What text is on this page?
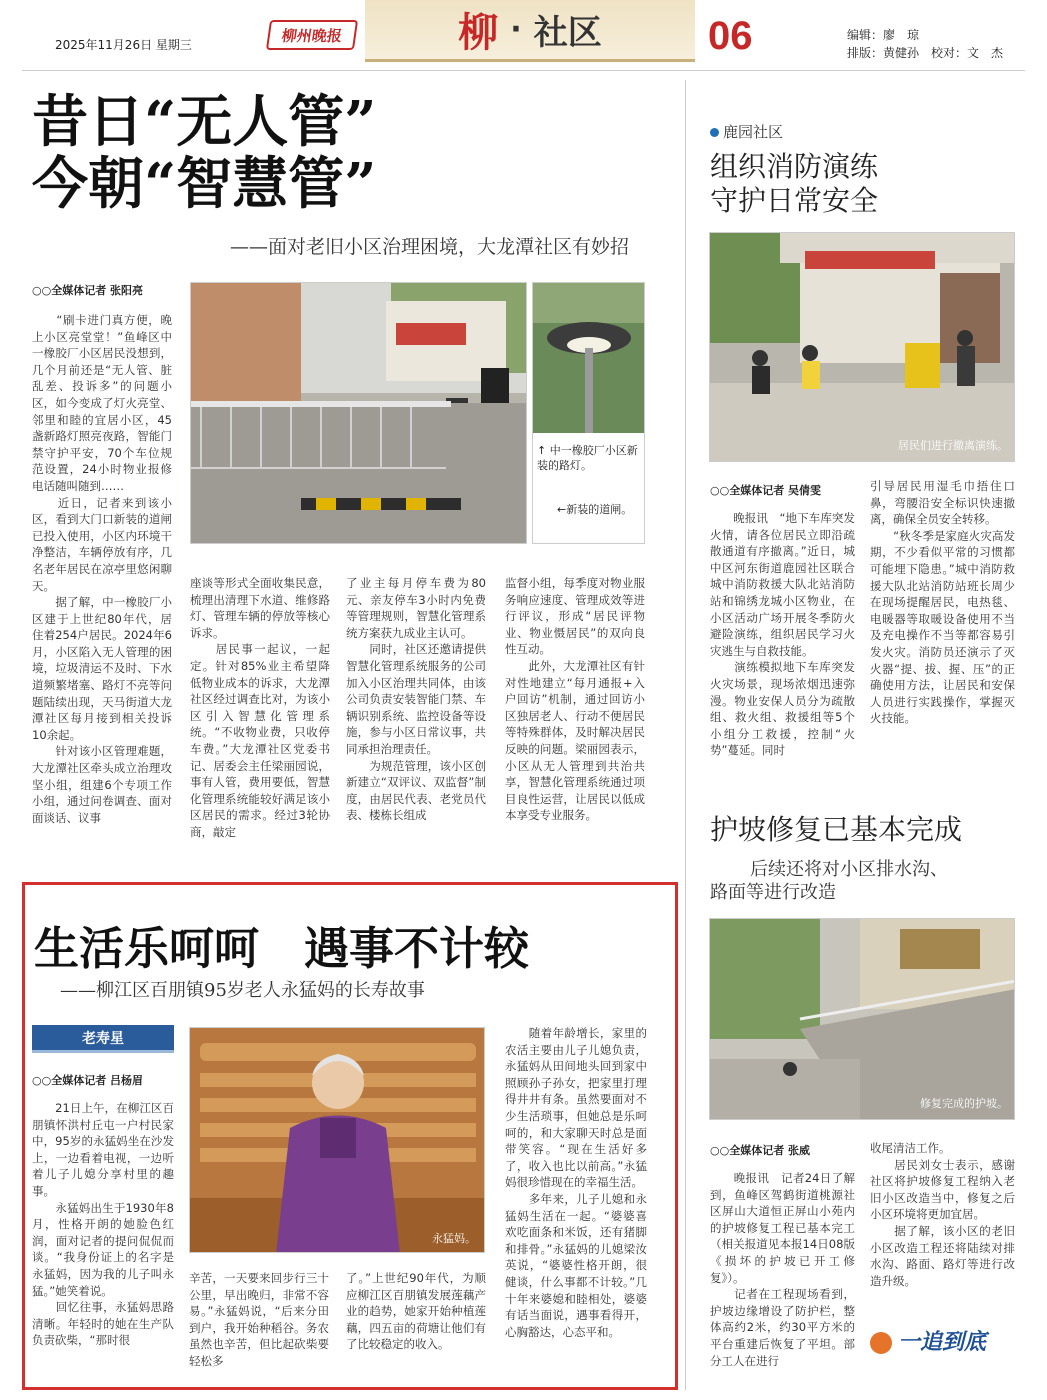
2025年11月26日 星期三
柳州晚报	柳 · 社区	06	编辑：廖　琼
排版：黄健孙　校对：文　杰
昔日“无人管”
今朝“智慧管”
——面对老旧小区治理困境，大龙潭社区有妙招
○○全媒体记者 张阳亮
　　“刷卡进门真方便，晚上小区亮堂堂！”鱼峰区中一橡胶厂小区居民没想到，几个月前还是“无人管、脏乱差、投诉多”的问题小区，如今变成了灯火亮堂、邻里和睦的宜居小区，45盏新路灯照亮夜路，智能门禁守护平安，70个车位规范设置，24小时物业报修电话随叫随到……
　　近日，记者来到该小区，看到大门口新装的道闸已投入使用，小区内环境干净整洁，车辆停放有序，几名老年居民在凉亭里悠闲聊天。
　　据了解，中一橡胶厂小区建于上世纪80年代，居住着254户居民。2024年6月，小区陷入无人管理的困境，垃圾清运不及时、下水道频繁堵塞、路灯不亮等问题陆续出现，天马街道大龙潭社区每月接到相关投诉10余起。
　　针对该小区管理难题，大龙潭社区牵头成立治理攻坚小组，组建6个专项工作小组，通过问卷调查、面对面谈话、议事
↑ 中一橡胶厂小区新装的路灯。
←新装的道闸。
座谈等形式全面收集民意，梳理出清理下水道、维修路灯、管理车辆的停放等核心诉求。
　　居民事一起议，一起定。针对85%业主希望降低物业成本的诉求，大龙潭社区经过调查比对，为该小区引入智慧化管理系统。“不收物业费，只收停车费。”大龙潭社区党委书记、居委会主任梁丽园说，事有人管，费用要低，智慧化管理系统能较好满足该小区居民的需求。经过3轮协商，敲定
了业主每月停车费为80元、亲友停车3小时内免费等管理规则，智慧化管理系统方案获九成业主认可。
　　同时，社区还邀请提供智慧化管理系统服务的公司加入小区治理共同体，由该公司负责安装智能门禁、车辆识别系统、监控设备等设施，参与小区日常议事，共同承担治理责任。
　　为规范管理，该小区创新建立“双评议、双监督”制度，由居民代表、老党员代表、楼栋长组成
监督小组，每季度对物业服务响应速度、管理成效等进行评议，形成“居民评物业、物业慑居民”的双向良性互动。
　　此外，大龙潭社区有针对性地建立“每月通报+入户回访”机制，通过回访小区独居老人、行动不便居民等特殊群体，及时解决居民反映的问题。梁丽园表示，小区从无人管理到共治共享，智慧化管理系统通过项目良性运营，让居民以低成本享受专业服务。
鹿园社区
组织消防演练
守护日常安全
居民们进行撤离演练。
○○全媒体记者 吴倩雯
　　晚报讯　“地下车库突发火情，请各位居民立即沿疏散通道有序撤离。”近日，城中区河东街道鹿园社区联合城中消防救援大队北站消防站和锦绣龙城小区物业，在小区活动广场开展冬季防火避险演练，组织居民学习火灾逃生与自救技能。
　　演练模拟地下车库突发火灾场景，现场浓烟迅速弥漫。物业安保人员分为疏散组、救火组、救援组等5个小组分工救援，控制“火势”蔓延。同时
引导居民用湿毛巾捂住口鼻，弯腰沿安全标识快速撤离，确保全员安全转移。
　　“秋冬季是家庭火灾高发期，不少看似平常的习惯都可能埋下隐患。”城中消防救援大队北站消防站班长周少在现场提醒居民，电热毯、电暖器等取暖设备使用不当及充电操作不当等都容易引发火灾。消防员还演示了灭火器“提、拔、握、压”的正确使用方法，让居民和安保人员进行实践操作，掌握灭火技能。
护坡修复已基本完成
后续还将对小区排水沟、
路面等进行改造
修复完成的护坡。
○○全媒体记者 张威
　　晚报讯　记者24日了解到，鱼峰区驾鹤街道桃源社区屏山大道恒正屏山小苑内的护坡修复工程已基本完工（相关报道见本报14日08版《损坏的护坡已开工修复》）。
　　记者在工程现场看到，护坡边缘增设了防护栏，整体高约2米，约30平方米的平台重建后恢复了平坦。部分工人在进行
收尾清洁工作。
　　居民刘女士表示，感谢社区将护坡修复工程纳入老旧小区改造当中，修复之后小区环境将更加宜居。
　　据了解，该小区的老旧小区改造工程还将陆续对排水沟、路面、路灯等进行改造升级。
一追到底
生活乐呵呵　遇事不计较
——柳江区百朋镇95岁老人永猛妈的长寿故事
老寿星
○○全媒体记者 吕杨眉
　　21日上午，在柳江区百朋镇怀洪村丘屯一户村民家中，95岁的永猛妈坐在沙发上，一边看着电视，一边听着儿子儿媳分享村里的趣事。
　　永猛妈出生于1930年8月，性格开朗的她脸色红润，面对记者的提问侃侃而谈。“我身份证上的名字是永猛妈，因为我的儿子叫永猛。”她笑着说。
　　回忆往事，永猛妈思路清晰。年轻时的她在生产队负责砍柴，“那时很
永猛妈。
辛苦，一天要来回步行三十公里，早出晚归，非常不容易。”永猛妈说，“后来分田到户，我开始种稻谷。务农虽然也辛苦，但比起砍柴要轻松多
了。”上世纪90年代，为顺应柳江区百朋镇发展莲藕产业的趋势，她家开始种植莲藕，四五亩的荷塘让他们有了比较稳定的收入。
　　随着年龄增长，家里的农活主要由儿子儿媳负责，永猛妈从田间地头回到家中照顾孙子孙女，把家里打理得井井有条。虽然要面对不少生活琐事，但她总是乐呵呵的，和大家聊天时总是面带笑容。“现在生活好多了，收入也比以前高。”永猛妈很珍惜现在的幸福生活。
　　多年来，儿子儿媳和永猛妈生活在一起。“婆婆喜欢吃面条和米饭，还有猪脚和排骨。”永猛妈的儿媳梁汝英说，“婆婆性格开朗，很健谈，什么事都不计较。”几十年来婆媳和睦相处，婆婆有话当面说，遇事看得开，心胸豁达，心态平和。
